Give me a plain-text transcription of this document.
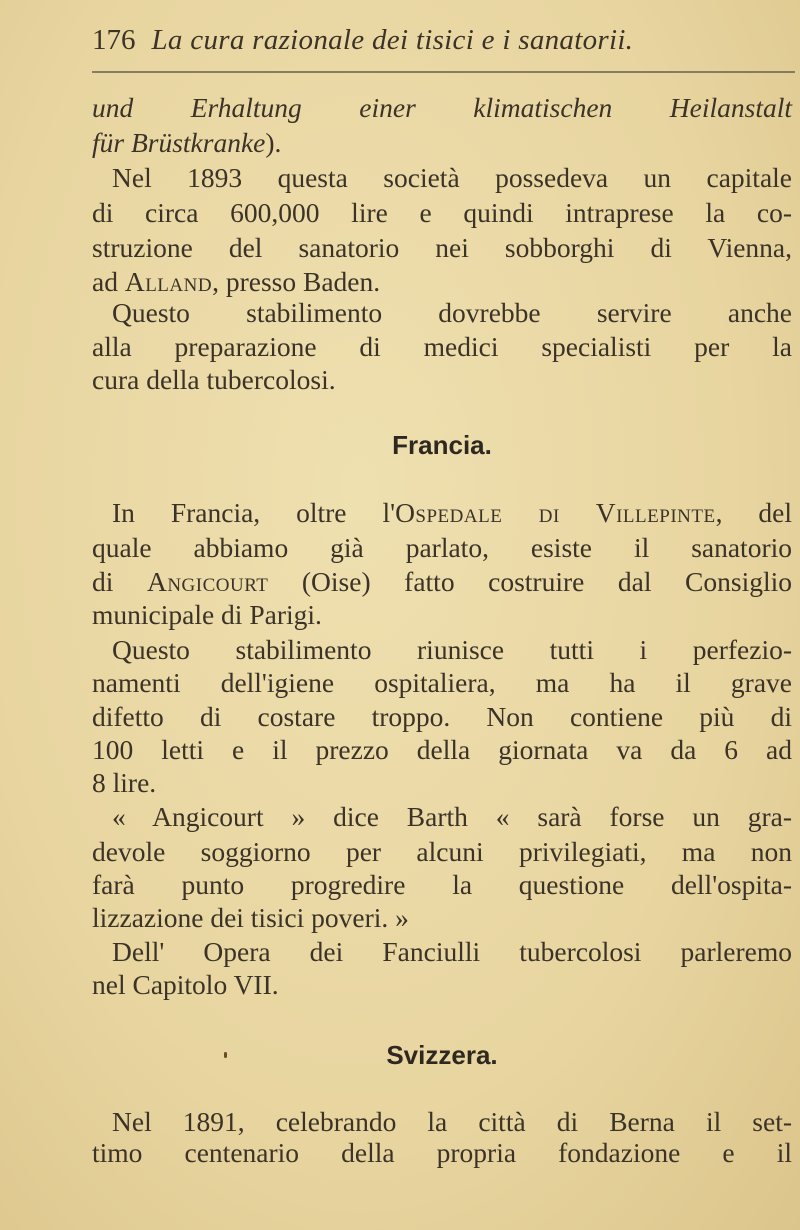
176 La cura razionale dei tisici e i sanatorii.
Francia.
Svizzera.
und Erhaltung einer klimatischen Heilanstalt
für Brüstkranke).
Nel 1893 questa società possedeva un capitale
di circa 600,000 lire e quindi intraprese la co-
struzione del sanatorio nei sobborghi di Vienna,
ad Alland, presso Baden.
Questo stabilimento dovrebbe servire anche
alla preparazione di medici specialisti per la
cura della tubercolosi.
In Francia, oltre l'Ospedale di Villepinte, del
quale abbiamo già parlato, esiste il sanatorio
di Angicourt (Oise) fatto costruire dal Consiglio
municipale di Parigi.
Questo stabilimento riunisce tutti i perfezio-
namenti dell'igiene ospitaliera, ma ha il grave
difetto di costare troppo. Non contiene più di
100 letti e il prezzo della giornata va da 6 ad
8 lire.
« Angicourt » dice Barth « sarà forse un gra-
devole soggiorno per alcuni privilegiati, ma non
farà punto progredire la questione dell'ospita-
lizzazione dei tisici poveri. »
Dell' Opera dei Fanciulli tubercolosi parleremo
nel Capitolo VII.
Nel 1891, celebrando la città di Berna il set-
timo centenario della propria fondazione e il
